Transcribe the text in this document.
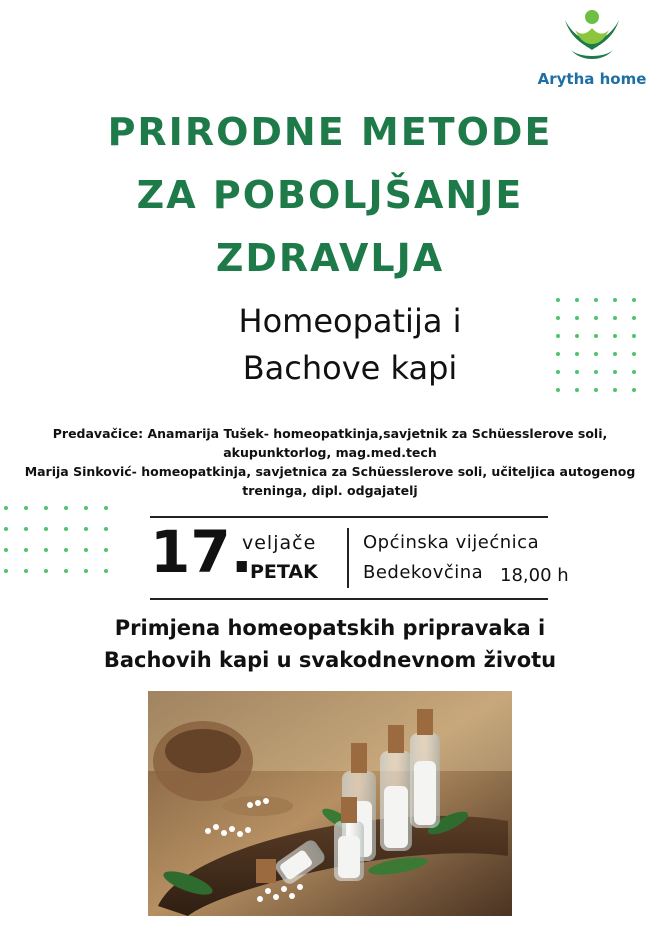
Arytha home
PRIRODNE METODE
ZA POBOLJŠANJE
ZDRAVLJA
Homeopatija i
Bachove kapi
Predavačice: Anamarija Tušek- homeopatkinja,savjetnik za Schüesslerove soli,
akupunktorlog, mag.med.tech
Marija Sinković- homeopatkinja, savjetnica za Schüesslerove soli, učiteljica autogenog
treninga, dipl. odgajatelj
17.
veljače
PETAK
Općinska vijećnica
Bedekovčina 18,00 h
Primjena homeopatskih pripravaka i
Bachovih kapi u svakodnevnom životu
